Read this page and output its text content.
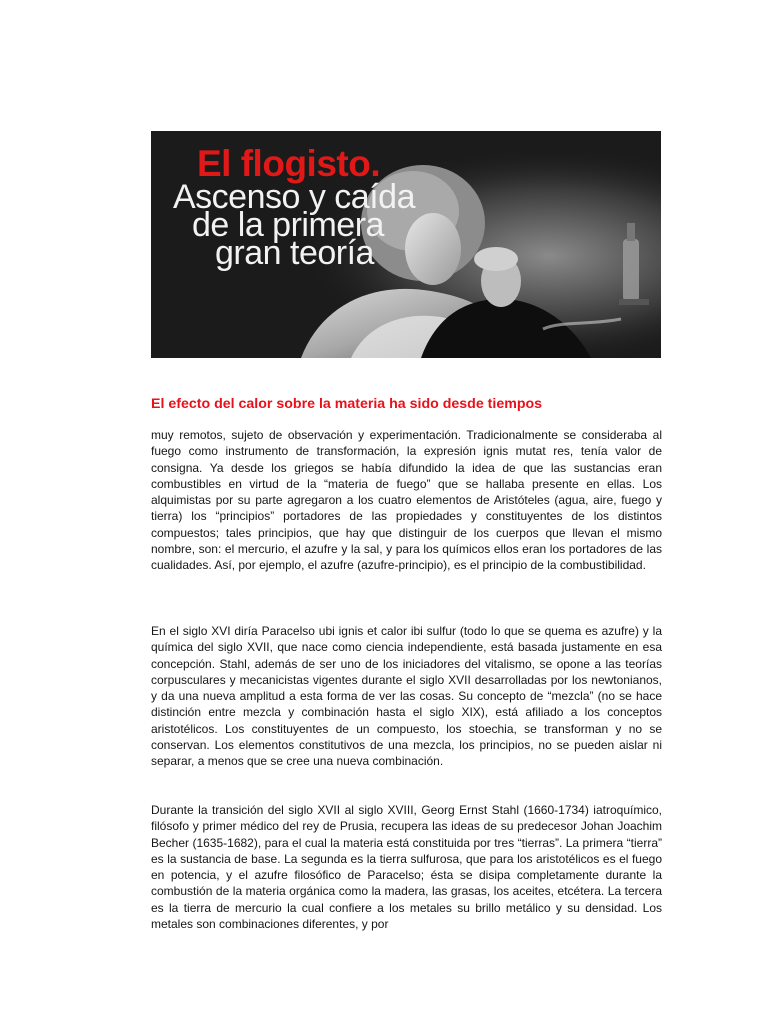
El flogisto.
Ascenso y caída
de la primera
gran teoría
El efecto del calor sobre la materia ha sido desde tiempos

muy remotos, sujeto de observación y experimentación. Tradicionalmente se consideraba al fuego como instrumento de transformación, la expresión ignis mutat res, tenía valor de consigna. Ya desde los griegos se había difundido la idea de que las sustancias eran combustibles en virtud de la “materia de fuego” que se hallaba presente en ellas. Los alquimistas por su parte agregaron a los cuatro elementos de Aristóteles (agua, aire, fuego y tierra) los “principios” portadores de las propiedades y constituyentes de los distintos compuestos; tales principios, que hay que distinguir de los cuerpos que llevan el mismo nombre, son: el mercurio, el azufre y la sal, y para los químicos ellos eran los portadores de las cualidades. Así, por ejemplo, el azufre (azufre-principio), es el principio de la combustibilidad.

En el siglo XVI diría Paracelso ubi ignis et calor ibi sulfur (todo lo que se quema es azufre) y la química del siglo XVII, que nace como ciencia independiente, está basada justamente en esa concepción. Stahl, además de ser uno de los iniciadores del vitalismo, se opone a las teorías corpusculares y mecanicistas vigentes durante el siglo XVII desarrolladas por los newtonianos, y da una nueva amplitud a esta forma de ver las cosas. Su concepto de “mezcla” (no se hace distinción entre mezcla y combinación hasta el siglo XIX), está afiliado a los conceptos aristotélicos. Los constituyentes de un compuesto, los stoechia, se transforman y no se conservan. Los elementos constitutivos de una mezcla, los principios, no se pueden aislar ni separar, a menos que se cree una nueva combinación.

Durante la transición del siglo XVII al siglo XVIII, Georg Ernst Stahl (1660-1734) iatroquímico, filósofo y primer médico del rey de Prusia, recupera las ideas de su predecesor Johan Joachim Becher (1635-1682), para el cual la materia está constituida por tres “tierras”. La primera “tierra” es la sustancia de base. La segunda es la tierra sulfurosa, que para los aristotélicos es el fuego en potencia, y el azufre filosófico de Paracelso; ésta se disipa completamente durante la combustión de la materia orgánica como la madera, las grasas, los aceites, etcétera. La tercera es la tierra de mercurio la cual confiere a los metales su brillo metálico y su densidad. Los metales son combinaciones diferentes, y por
